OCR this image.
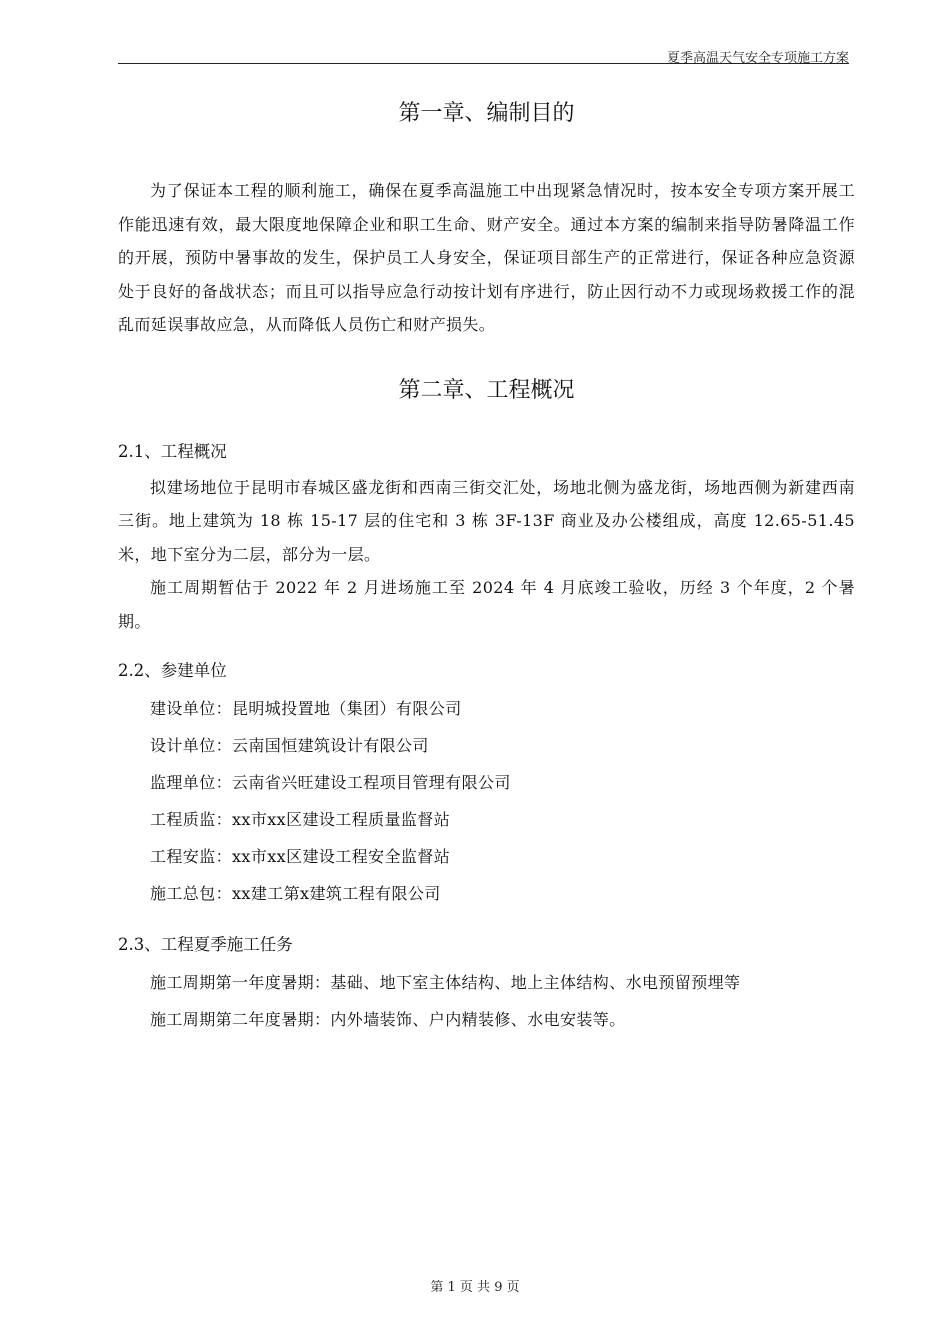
夏季高温天气安全专项施工方案
第一章、编制目的

为了保证本工程的顺利施工，确保在夏季高温施工中出现紧急情况时，按本安全专项方案开展工作能迅速有效，最大限度地保障企业和职工生命、财产安全。通过本方案的编制来指导防暑降温工作的开展，预防中暑事故的发生，保护员工人身安全，保证项目部生产的正常进行，保证各种应急资源处于良好的备战状态；而且可以指导应急行动按计划有序进行，防止因行动不力或现场救援工作的混乱而延误事故应急，从而降低人员伤亡和财产损失。

第二章、工程概况
2.1、工程概况

拟建场地位于昆明市春城区盛龙街和西南三街交汇处，场地北侧为盛龙街，场地西侧为新建西南三街。地上建筑为 18 栋 15-17 层的住宅和 3 栋 3F-13F 商业及办公楼组成，高度 12.65-51.45 米，地下室分为二层，部分为一层。

施工周期暂估于 2022 年 2 月进场施工至 2024 年 4 月底竣工验收，历经 3 个年度，2 个暑期。

2.2、参建单位

建设单位：昆明城投置地（集团）有限公司

设计单位：云南国恒建筑设计有限公司

监理单位：云南省兴旺建设工程项目管理有限公司

工程质监：xx市xx区建设工程质量监督站

工程安监：xx市xx区建设工程安全监督站

施工总包：xx建工第x建筑工程有限公司

2.3、工程夏季施工任务

施工周期第一年度暑期：基础、地下室主体结构、地上主体结构、水电预留预埋等

施工周期第二年度暑期：内外墙装饰、户内精装修、水电安装等。

第 1 页 共 9 页
